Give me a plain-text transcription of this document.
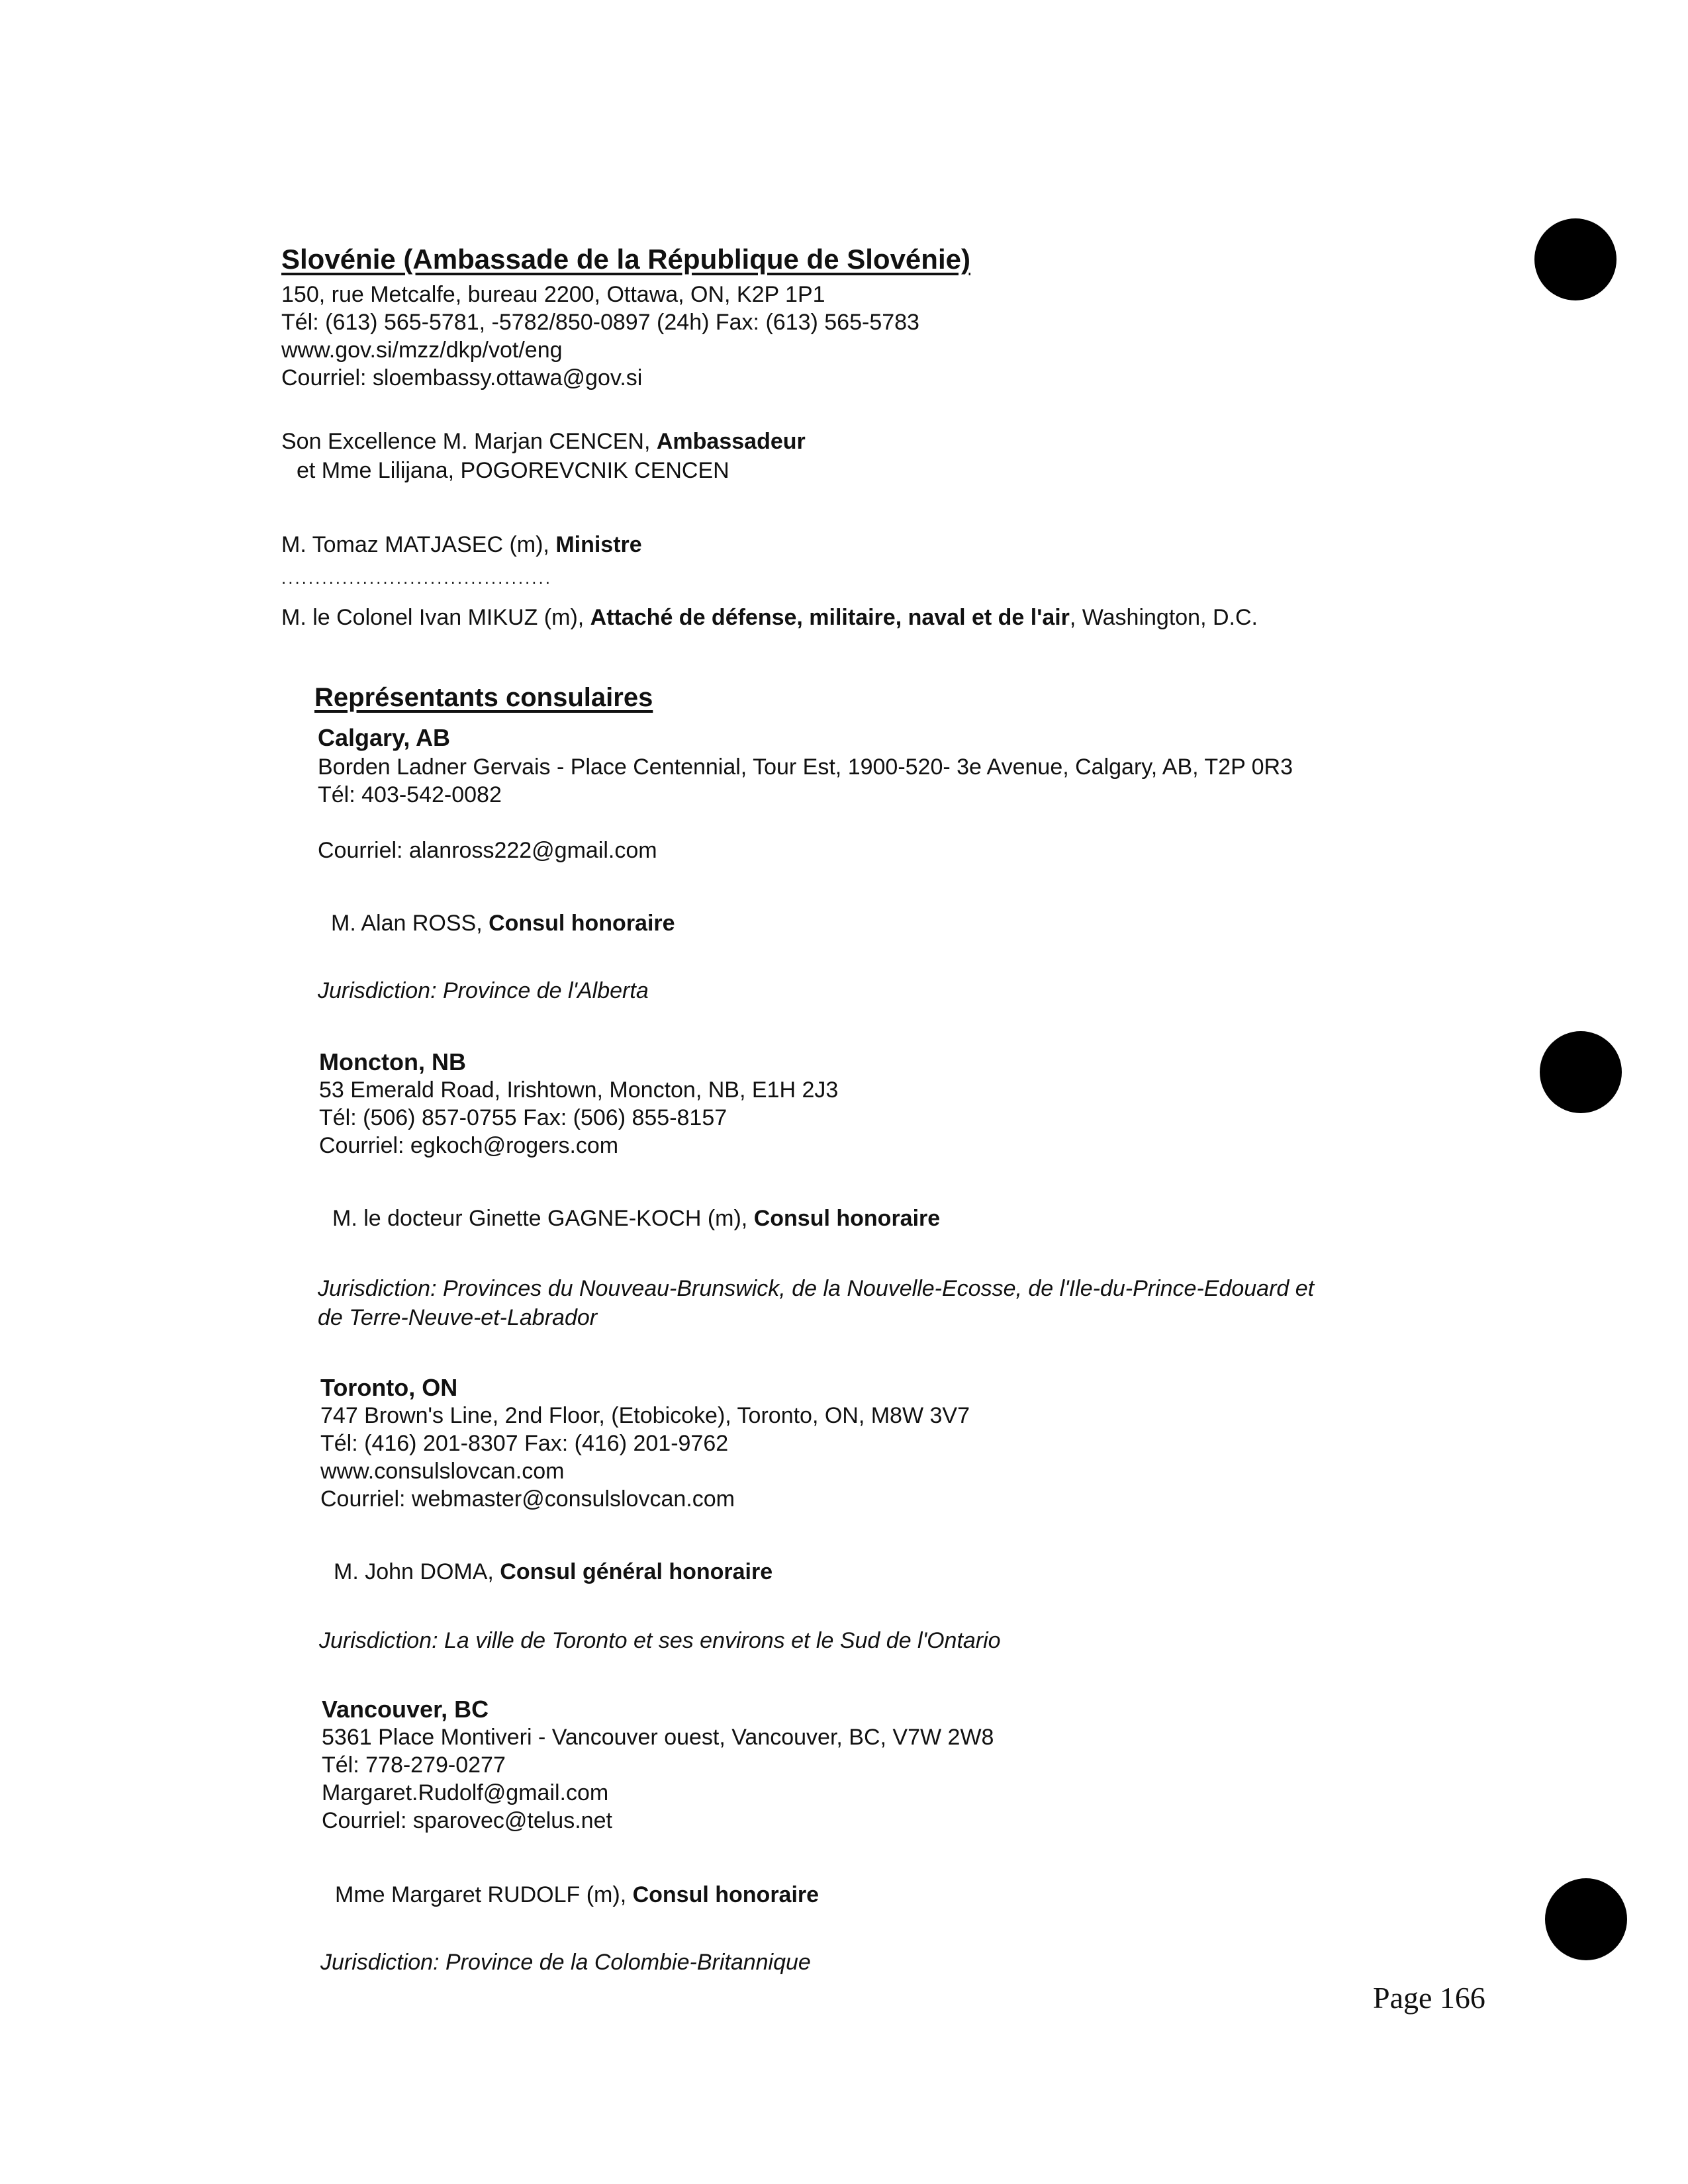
Slovénie (Ambassade de la République de Slovénie)
150, rue Metcalfe, bureau 2200, Ottawa, ON, K2P 1P1
Tél: (613) 565-5781, -5782/850-0897 (24h) Fax: (613) 565-5783
www.gov.si/mzz/dkp/vot/eng
Courriel: sloembassy.ottawa@gov.si
Son Excellence M. Marjan CENCEN, Ambassadeur
et Mme Lilijana, POGOREVCNIK CENCEN
M. Tomaz MATJASEC (m), Ministre
........................................
M. le Colonel Ivan MIKUZ (m), Attaché de défense, militaire, naval et de l'air, Washington, D.C.
Représentants consulaires
Calgary, AB
Borden Ladner Gervais - Place Centennial, Tour Est, 1900-520- 3e Avenue, Calgary, AB, T2P 0R3
Tél: 403-542-0082
Courriel: alanross222@gmail.com
M. Alan ROSS, Consul honoraire
Jurisdiction: Province de l'Alberta
Moncton, NB
53 Emerald Road, Irishtown, Moncton, NB, E1H 2J3
Tél: (506) 857-0755 Fax: (506) 855-8157
Courriel: egkoch@rogers.com
M. le docteur Ginette GAGNE-KOCH (m), Consul honoraire
Jurisdiction: Provinces du Nouveau-Brunswick, de la Nouvelle-Ecosse, de l'Ile-du-Prince-Edouard et
de Terre-Neuve-et-Labrador
Toronto, ON
747 Brown's Line, 2nd Floor, (Etobicoke), Toronto, ON, M8W 3V7
Tél: (416) 201-8307 Fax: (416) 201-9762
www.consulslovcan.com
Courriel: webmaster@consulslovcan.com
M. John DOMA, Consul général honoraire
Jurisdiction: La ville de Toronto et ses environs et le Sud de l'Ontario
Vancouver, BC
5361 Place Montiveri - Vancouver ouest, Vancouver, BC, V7W 2W8
Tél: 778-279-0277
Margaret.Rudolf@gmail.com
Courriel: sparovec@telus.net
Mme Margaret RUDOLF (m), Consul honoraire
Jurisdiction: Province de la Colombie-Britannique
Page 166
